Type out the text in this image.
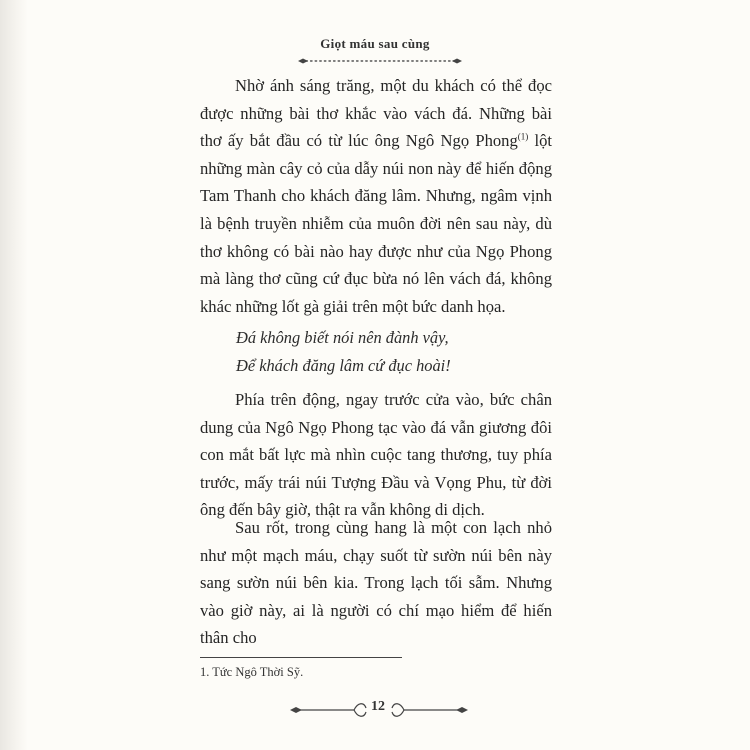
Giọt máu sau cùng

Nhờ ánh sáng trăng, một du khách có thể đọc được những bài thơ khắc vào vách đá. Những bài thơ ấy bắt đầu có từ lúc ông Ngô Ngọ Phong$^{(1)}$ lột những màn cây cỏ của dẫy núi non này để hiến động Tam Thanh cho khách đăng lâm. Nhưng, ngâm vịnh là bệnh truyền nhiễm của muôn đời nên sau này, dù thơ không có bài nào hay được như của Ngọ Phong mà làng thơ cũng cứ đục bừa nó lên vách đá, không khác những lốt gà giải trên một bức danh họa.

Đá không biết nói nên đành vậy,
Để khách đăng lâm cứ đục hoài!

Phía trên động, ngay trước cửa vào, bức chân dung của Ngô Ngọ Phong tạc vào đá vẫn giương đôi con mắt bất lực mà nhìn cuộc tang thương, tuy phía trước, mấy trái núi Tượng Đầu và Vọng Phu, từ đời ông đến bây giờ, thật ra vẫn không di dịch.

Sau rốt, trong cùng hang là một con lạch nhỏ như một mạch máu, chạy suốt từ sườn núi bên này sang sườn núi bên kia. Trong lạch tối sẫm. Nhưng vào giờ này, ai là người có chí mạo hiểm để hiến thân cho

1. Tức Ngô Thời Sỹ.
12
